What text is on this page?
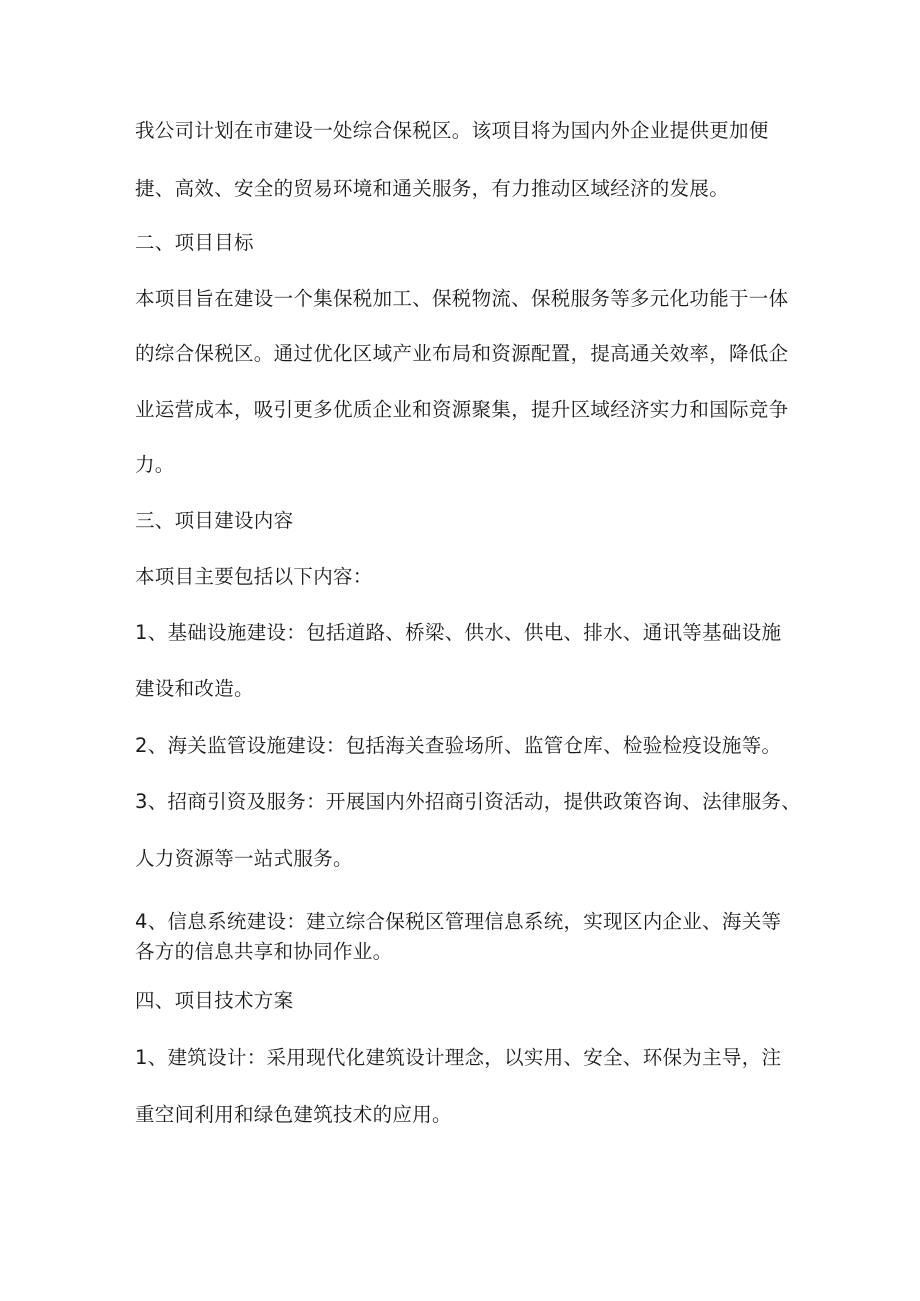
我公司计划在市建设一处综合保税区。该项目将为国内外企业提供更加便
捷、高效、安全的贸易环境和通关服务，有力推动区域经济的发展。
二、项目目标
本项目旨在建设一个集保税加工、保税物流、保税服务等多元化功能于一体
的综合保税区。通过优化区域产业布局和资源配置，提高通关效率，降低企
业运营成本，吸引更多优质企业和资源聚集，提升区域经济实力和国际竞争
力。
三、项目建设内容
本项目主要包括以下内容：
1、基础设施建设：包括道路、桥梁、供水、供电、排水、通讯等基础设施
建设和改造。
2、海关监管设施建设：包括海关查验场所、监管仓库、检验检疫设施等。
3、招商引资及服务：开展国内外招商引资活动，提供政策咨询、法律服务、
人力资源等一站式服务。
4、信息系统建设：建立综合保税区管理信息系统，实现区内企业、海关等
各方的信息共享和协同作业。
四、项目技术方案
1、建筑设计：采用现代化建筑设计理念，以实用、安全、环保为主导，注
重空间利用和绿色建筑技术的应用。
